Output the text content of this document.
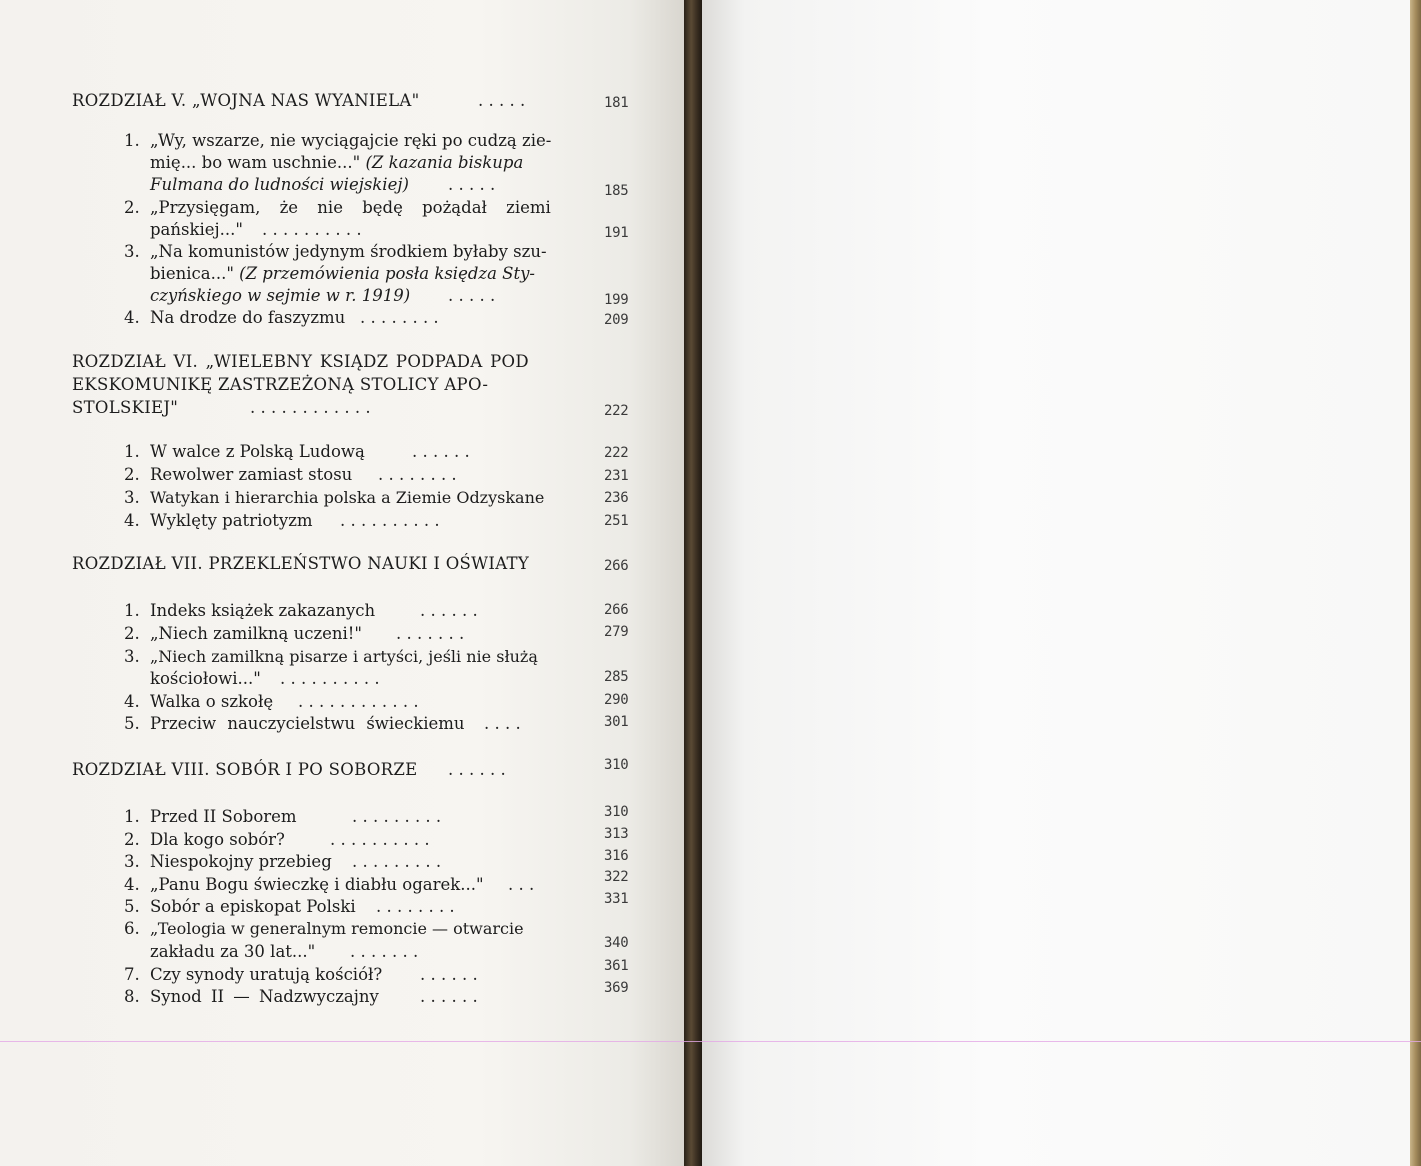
ROZDZIAŁ V. „WOJNA NAS WYANIELA"	. . . . .	181
1. „Wy, wszarze, nie wyciągajcie ręki po cudzą zie-
mię... bo wam uschnie..." (Z kazania biskupa
Fulmana do ludności wiejskiej) . . . . .	185
2. „Przysięgam, że nie będę pożądał ziemi
pańskiej..." . . . . . . . . . .	191
3. „Na komunistów jedynym środkiem byłaby szu-
bienica..." (Z przemówienia posła księdza Sty-
czyńskiego w sejmie w r. 1919) . . . . .	199
4. Na drodze do faszyzmu . . . . . . . .	209
ROZDZIAŁ VI. „WIELEBNY KSIĄDZ PODPADA POD
EKSKOMUNIKĘ ZASTRZEŻONĄ STOLICY APO-
STOLSKIEJ"	. . . . . . . . . . . .	222
1. W walce z Polską Ludową	. . . . . .	222
2. Rewolwer zamiast stosu . . . . . . . .	231
3. Watykan i hierarchia polska a Ziemie Odzyskane	236
4. Wyklęty patriotyzm . . . . . . . . . .	251
ROZDZIAŁ VII. PRZEKLEŃSTWO NAUKI I OŚWIATY	266
1. Indeks książek zakazanych	. . . . . .	266
2. „Niech zamilkną uczeni!" . . . . . . .	279
3. „Niech zamilkną pisarze i artyści, jeśli nie służą
kościołowi..." . . . . . . . . . .	285
4. Walka o szkołę . . . . . . . . . . . .	290
5. Przeciw nauczycielstwu świeckiemu . . . .	301
ROZDZIAŁ VIII. SOBÓR I PO SOBORZE . . . . . .	310
1. Przed II Soborem	. . . . . . . . .	310
2. Dla kogo sobór?	. . . . . . . . . .	313
3. Niespokojny przebieg . . . . . . . . .	316
4. „Panu Bogu świeczkę i diabłu ogarek..." . . .	322
5. Sobór a episkopat Polski . . . . . . . .	331
6. „Teologia w generalnym remoncie — otwarcie
zakładu za 30 lat..." . . . . . . .	340
7. Czy synody uratują kościół? . . . . . .	361
8. Synod II — Nadzwyczajny . . . . . .	369
